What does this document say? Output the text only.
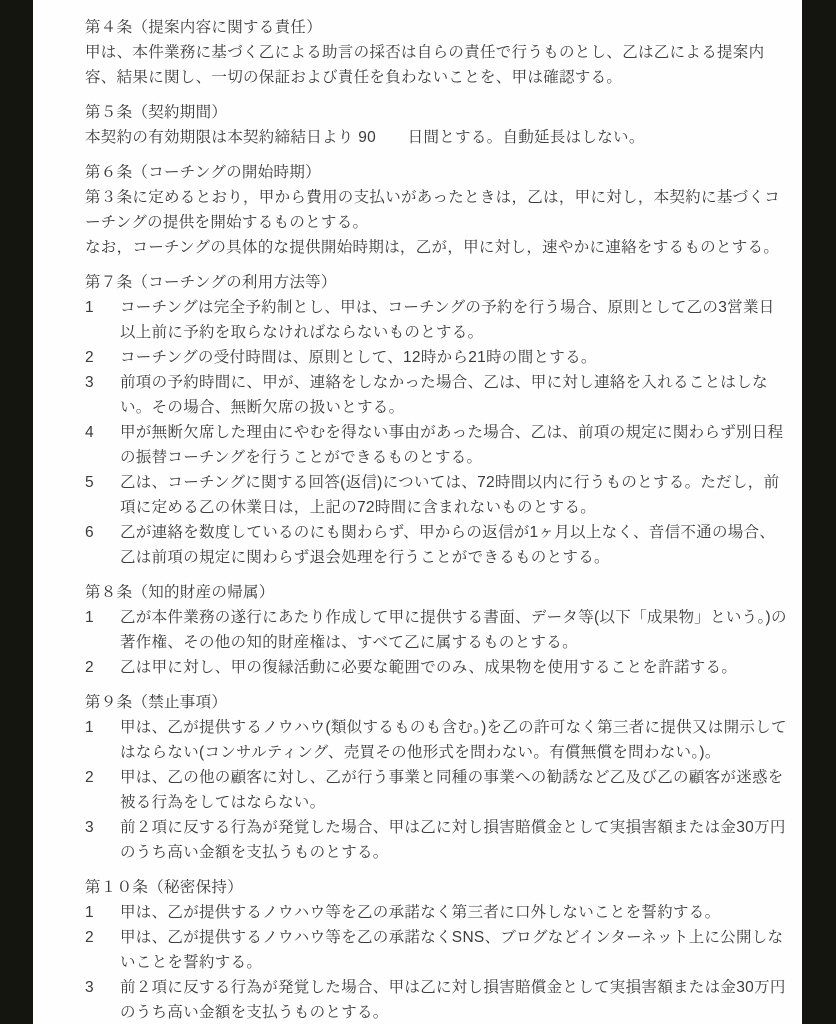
第４条（提案内容に関する責任）

甲は、本件業務に基づく乙による助言の採否は自らの責任で行うものとし、乙は乙による提案内容、結果に関し、一切の保証および責任を負わないことを、甲は確認する。

第５条（契約期間）

本契約の有効期限は本契約締結日より 90　　日間とする。自動延長はしない。

第６条（コーチングの開始時期）

第３条に定めるとおり，甲から費用の支払いがあったときは，乙は，甲に対し，本契約に基づくコーチングの提供を開始するものとする。

なお，コーチングの具体的な提供開始時期は，乙が，甲に対し，速やかに連絡をするものとする。

第７条（コーチングの利用方法等）

1	コーチングは完全予約制とし、甲は、コーチングの予約を行う場合、原則として乙の3営業日以上前に予約を取らなければならないものとする。
2	コーチングの受付時間は、原則として、12時から21時の間とする。
3	前項の予約時間に、甲が、連絡をしなかった場合、乙は、甲に対し連絡を入れることはしない。その場合、無断欠席の扱いとする。
4	甲が無断欠席した理由にやむを得ない事由があった場合、乙は、前項の規定に関わらず別日程の振替コーチングを行うことができるものとする。
5	乙は、コーチングに関する回答(返信)については、72時間以内に行うものとする。ただし，前項に定める乙の休業日は，上記の72時間に含まれないものとする。
6	乙が連絡を数度しているのにも関わらず、甲からの返信が1ヶ月以上なく、音信不通の場合、乙は前項の規定に関わらず退会処理を行うことができるものとする。

第８条（知的財産の帰属）

1	乙が本件業務の遂行にあたり作成して甲に提供する書面、データ等(以下「成果物」という。)の著作権、その他の知的財産権は、すべて乙に属するものとする。
2	乙は甲に対し、甲の復縁活動に必要な範囲でのみ、成果物を使用することを許諾する。

第９条（禁止事項）

1	甲は、乙が提供するノウハウ(類似するものも含む。)を乙の許可なく第三者に提供又は開示してはならない(コンサルティング、売買その他形式を問わない。有償無償を問わない。)。
2	甲は、乙の他の顧客に対し、乙が行う事業と同種の事業への勧誘など乙及び乙の顧客が迷惑を被る行為をしてはならない。
3	前２項に反する行為が発覚した場合、甲は乙に対し損害賠償金として実損害額または金30万円のうち高い金額を支払うものとする。

第１０条（秘密保持）

1	甲は、乙が提供するノウハウ等を乙の承諾なく第三者に口外しないことを誓約する。
2	甲は、乙が提供するノウハウ等を乙の承諾なくSNS、ブログなどインターネット上に公開しないことを誓約する。
3	前２項に反する行為が発覚した場合、甲は乙に対し損害賠償金として実損害額または金30万円のうち高い金額を支払うものとする。
